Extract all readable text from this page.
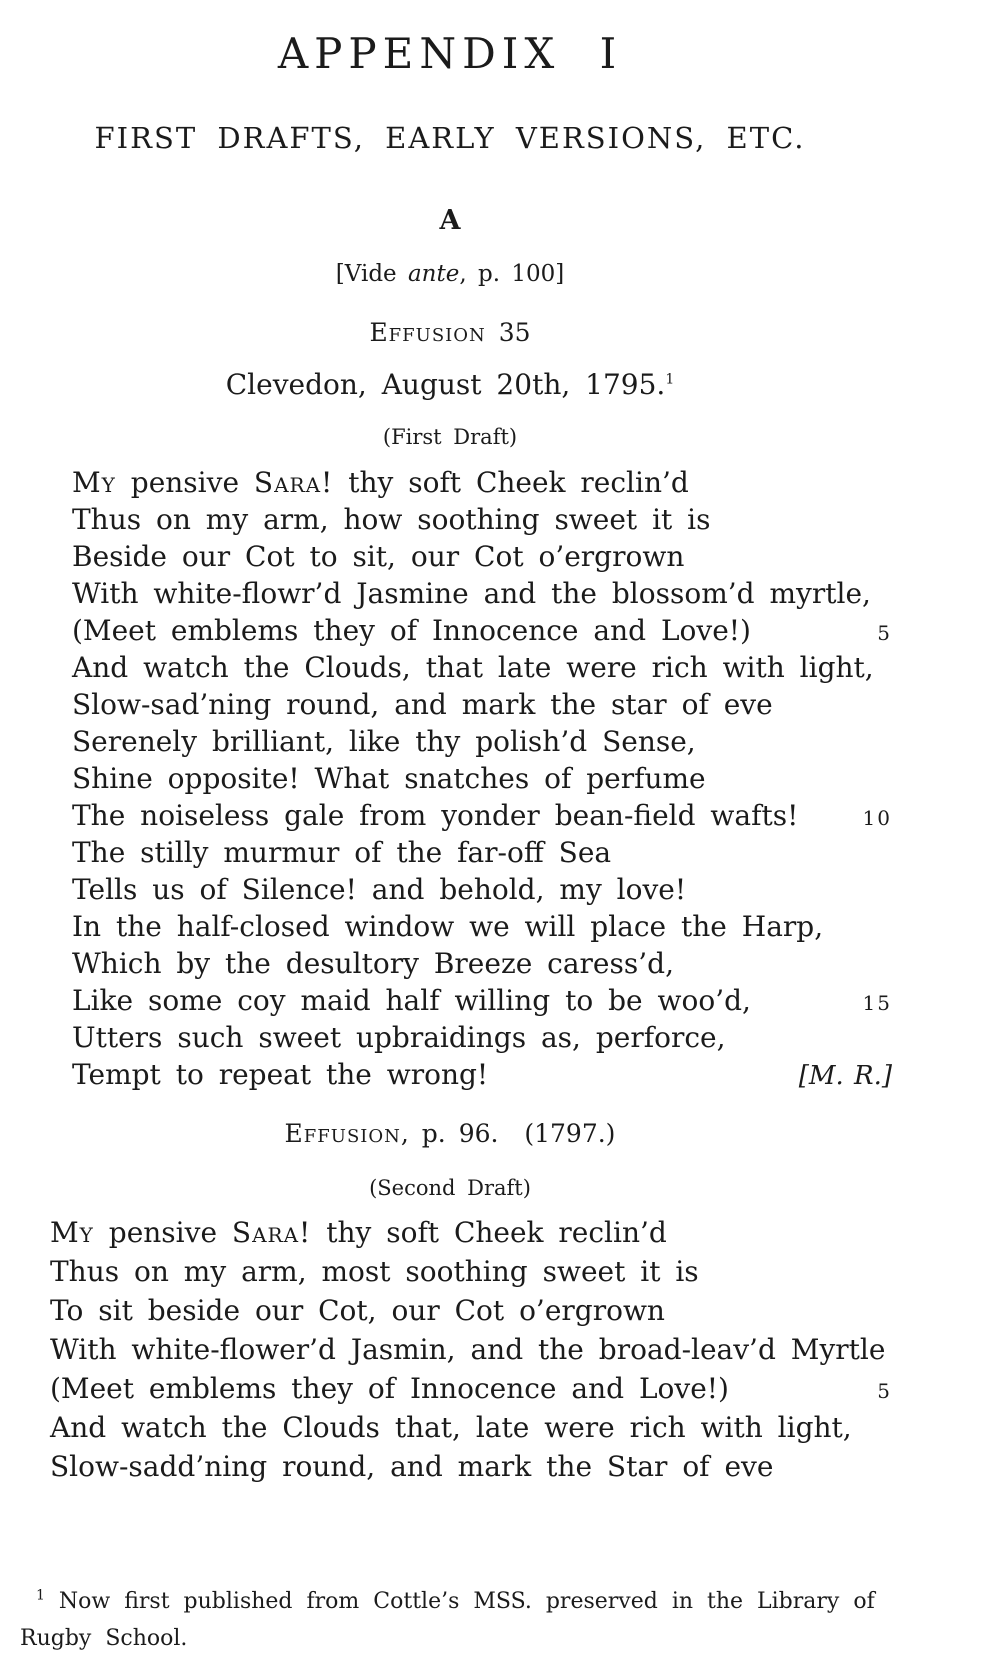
APPENDIX I
FIRST DRAFTS, EARLY VERSIONS, ETC.
A
[Vide ante, p. 100]
Effusion 35
Clevedon, August 20th, 1795.$^1$
(First Draft)
My pensive Sara! thy soft Cheek reclin’d
Thus on my arm, how soothing sweet it is
Beside our Cot to sit, our Cot o’ergrown
With white-flowr’d Jasmine and the blossom’d myrtle,
(Meet emblems they of Innocence and Love!)	5
And watch the Clouds, that late were rich with light,
Slow-sad’ning round, and mark the star of eve
Serenely brilliant, like thy polish’d Sense,
Shine opposite! What snatches of perfume
The noiseless gale from yonder bean-field wafts!	10
The stilly murmur of the far-off Sea
Tells us of Silence! and behold, my love!
In the half-closed window we will place the Harp,
Which by the desultory Breeze caress’d,
Like some coy maid half willing to be woo’d,	15
Utters such sweet upbraidings as, perforce,
Tempt to repeat the wrong!	[M. R.]
Effusion, p. 96.  (1797.)
(Second Draft)
My pensive Sara! thy soft Cheek reclin’d
Thus on my arm, most soothing sweet it is
To sit beside our Cot, our Cot o’ergrown
With white-flower’d Jasmin, and the broad-leav’d Myrtle
(Meet emblems they of Innocence and Love!)	5
And watch the Clouds that, late were rich with light,
Slow-sadd’ning round, and mark the Star of eve
$^1$ Now first published from Cottle’s MSS. preserved in the Library of
Rugby School.
